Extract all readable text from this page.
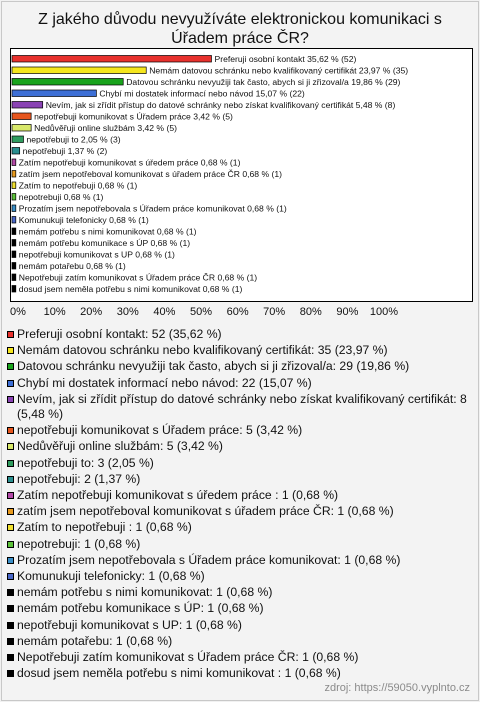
Z jakého důvodu nevyužíváte elektronickou komunikaci s Úřadem práce ČR?
Preferuji osobní kontakt 35,62 % (52)
Nemám datovou schránku nebo kvalifikovaný certifikát 23,97 % (35)
Datovou schránku nevyužiji tak často, abych si ji zřizoval/a 19,86 % (29)
Chybí mi dostatek informací nebo návod 15,07 % (22)
Nevím, jak si zřídit přístup do datové schránky nebo získat kvalifikovaný certifikát 5,48 % (8)
nepotřebuji komunikovat s Úřadem práce 3,42 % (5)
Nedůvěřuji online službám 3,42 % (5)
nepotřebuji to 2,05 % (3)
nepotřebuji 1,37 % (2)
Zatím nepotřebuji komunikovat s úředem práce 0,68 % (1)
zatím jsem nepotřeboval komunikovat s úřadem práce ČR 0,68 % (1)
Zatím to nepotřebuji 0,68 % (1)
nepotrebuji 0,68 % (1)
Prozatím jsem nepotřebovala s Úřadem práce komunikovat 0,68 % (1)
Komunukuji telefonicky 0,68 % (1)
nemám potřebu s nimi komunikovat 0,68 % (1)
nemám potřebu komunikace s ÚP 0,68 % (1)
nepotřebuji komunikovat s UP 0,68 % (1)
nemám potařebu 0,68 % (1)
Nepotřebuji zatím komunikovat s Úřadem práce ČR 0,68 % (1)
dosud jsem neměla potřebu s nimi komunikovat 0,68 % (1)
0% 10% 20% 30% 40% 50% 60% 70% 80% 90% 100%
Preferuji osobní kontakt: 52 (35,62 %)
Nemám datovou schránku nebo kvalifikovaný certifikát: 35 (23,97 %)
Datovou schránku nevyužiji tak často, abych si ji zřizoval/a: 29 (19,86 %)
Chybí mi dostatek informací nebo návod: 22 (15,07 %)
Nevím, jak si zřídit přístup do datové schránky nebo získat kvalifikovaný certifikát: 8 (5,48 %)
nepotřebuji komunikovat s Úřadem práce: 5 (3,42 %)
Nedůvěřuji online službám: 5 (3,42 %)
nepotřebuji to: 3 (2,05 %)
nepotřebuji: 2 (1,37 %)
Zatím nepotřebuji komunikovat s úředem práce : 1 (0,68 %)
zatím jsem nepotřeboval komunikovat s úřadem práce ČR: 1 (0,68 %)
Zatím to nepotřebuji : 1 (0,68 %)
nepotrebuji: 1 (0,68 %)
Prozatím jsem nepotřebovala s Úřadem práce komunikovat: 1 (0,68 %)
Komunukuji telefonicky: 1 (0,68 %)
nemám potřebu s nimi komunikovat: 1 (0,68 %)
nemám potřebu komunikace s ÚP: 1 (0,68 %)
nepotřebuji komunikovat s UP: 1 (0,68 %)
nemám potařebu: 1 (0,68 %)
Nepotřebuji zatím komunikovat s Úřadem práce ČR: 1 (0,68 %)
dosud jsem neměla potřebu s nimi komunikovat : 1 (0,68 %)
zdroj: https://59050.vyplnto.cz
